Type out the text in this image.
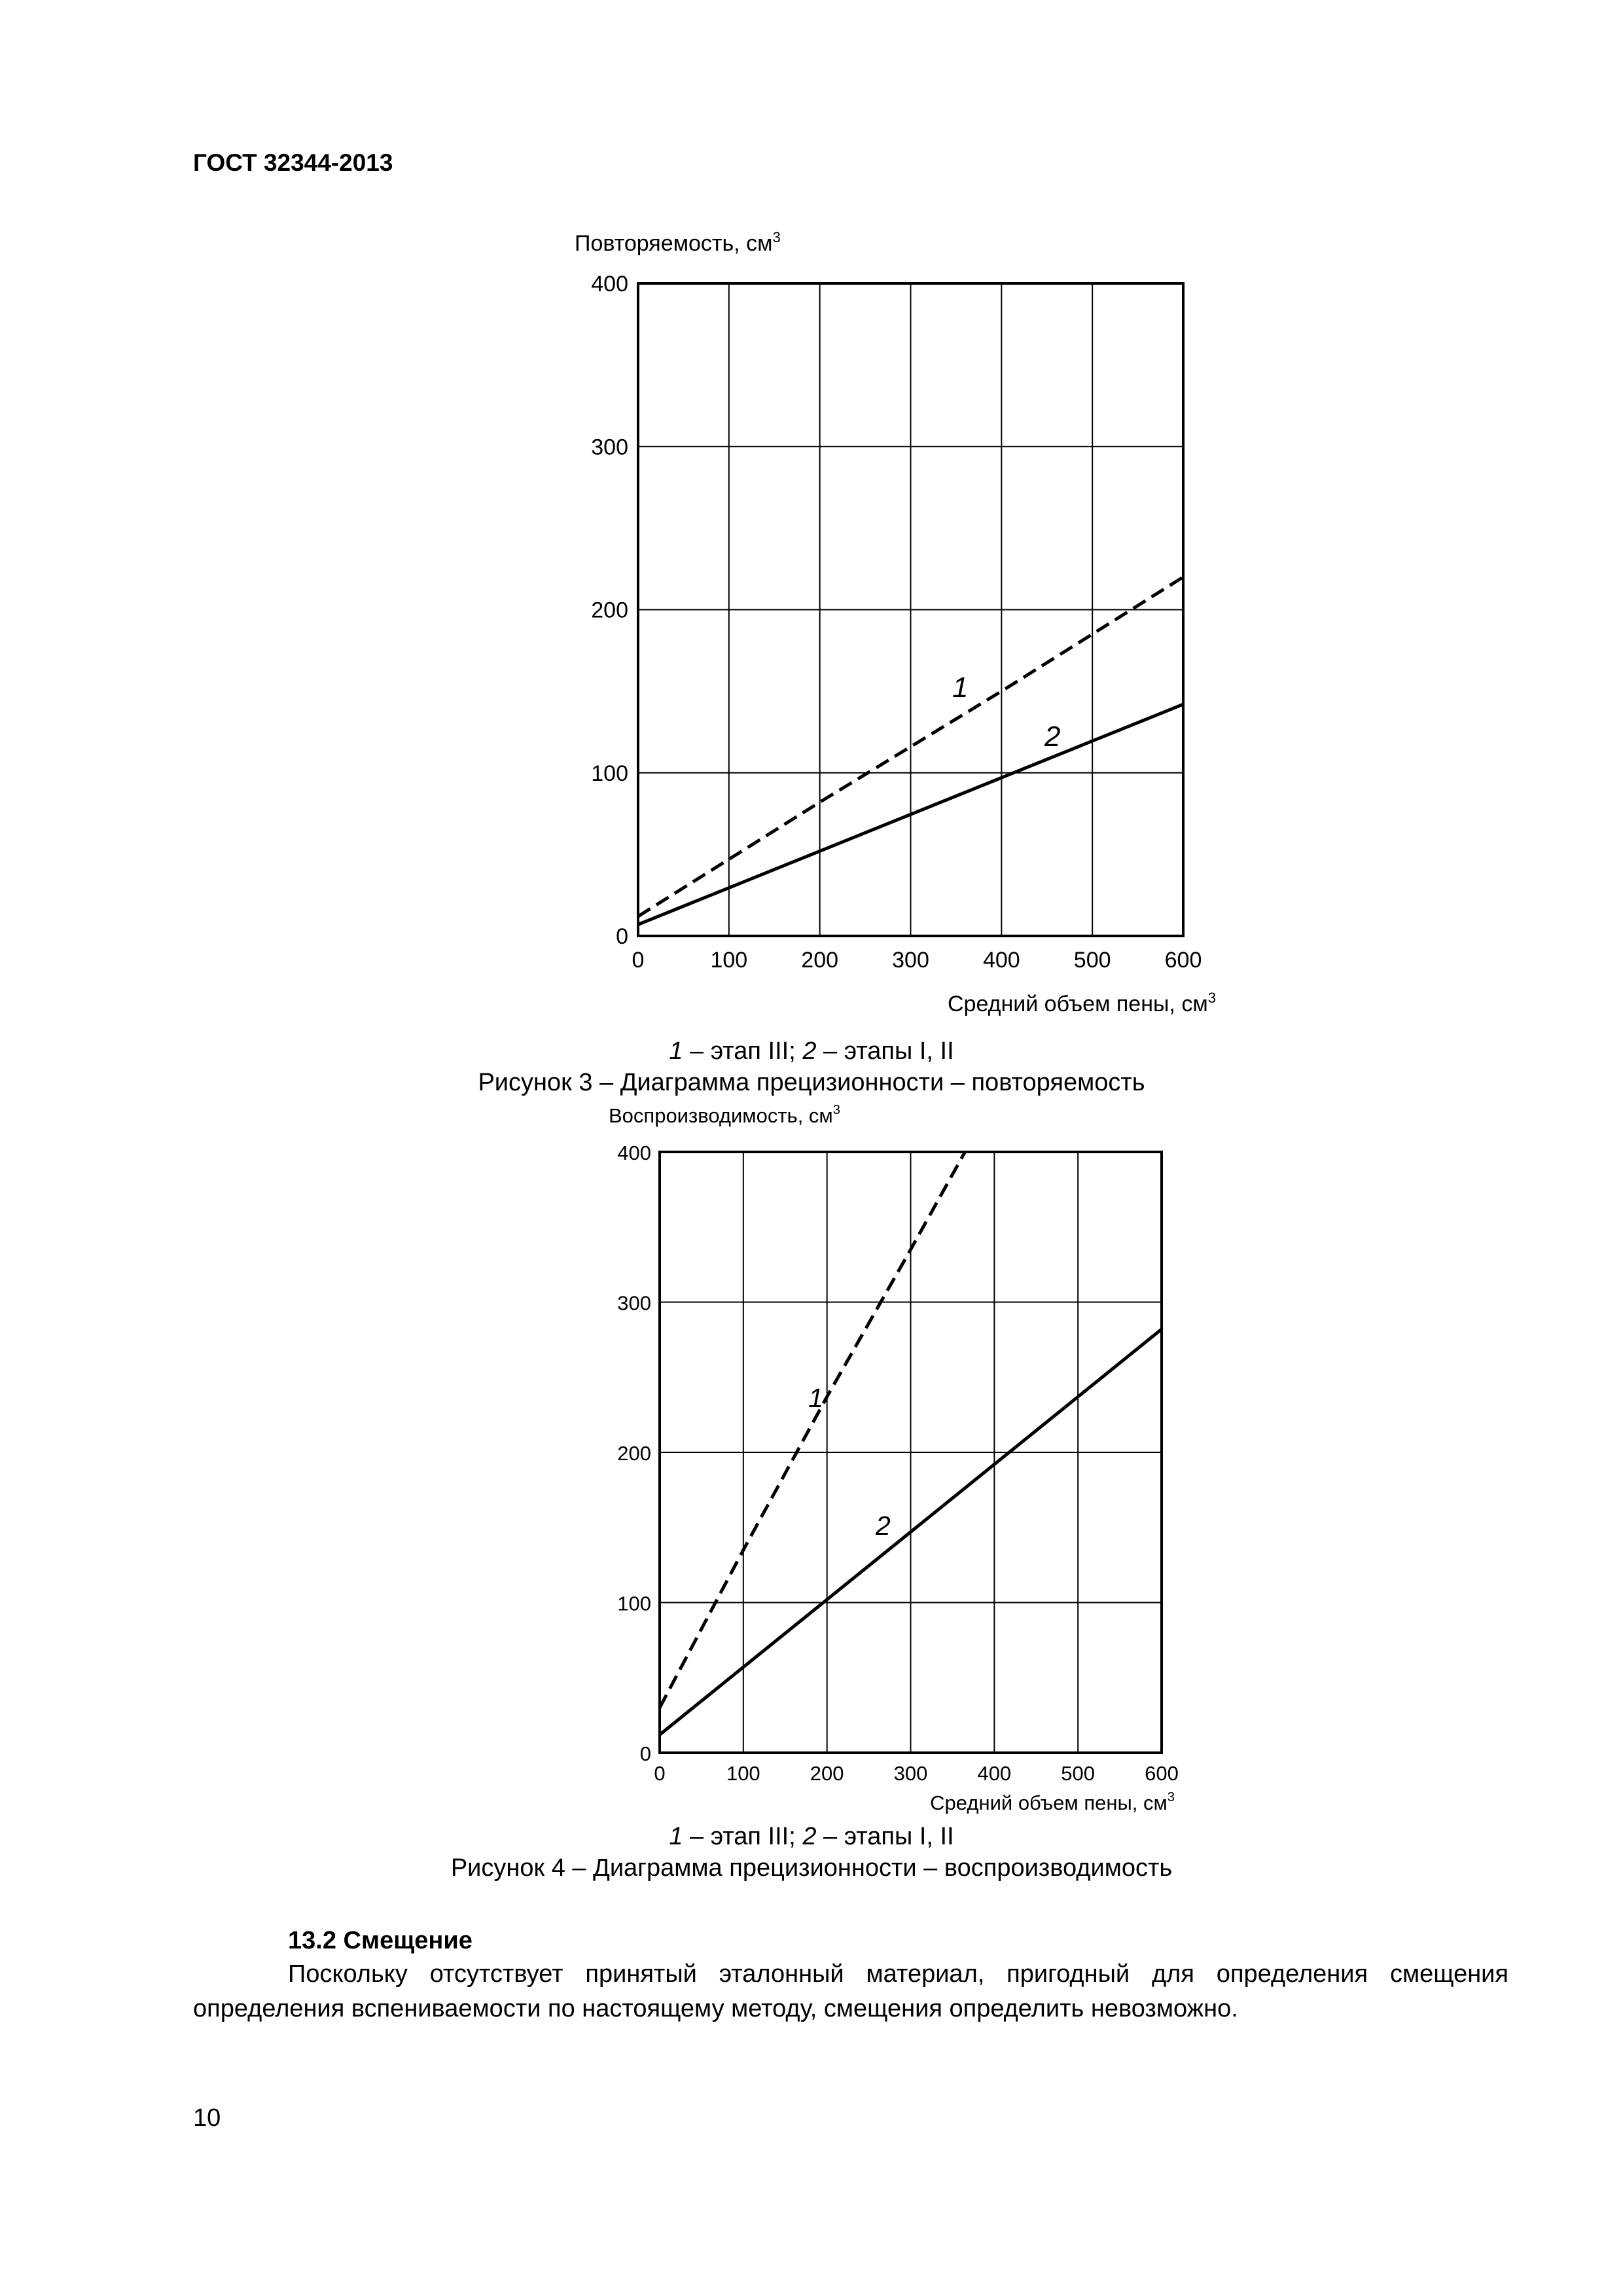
ГОСТ 32344-2013
0
100
200
300
400
0	100 200 300 400 500 600
Повторяемость, $см^3$
Средний объем пены, $см^3$
1
2
1 – этап III; 2 – этапы I, II
Рисунок 3 – Диаграмма прецизионности – повторяемость
0
100
200
300
400
0	100 200 300 400 500 600
Воспроизводимость, $см^3$
Средний объем пены, $см^3$
1
2
1 – этап III; 2 – этапы I, II
Рисунок 4 – Диаграмма прецизионности – воспроизводимость
13.2 Смещение
Поскольку отсутствует принятый эталонный материал, пригодный для определения смещения определения вспениваемости по настоящему методу, смещения определить невозможно.
10
